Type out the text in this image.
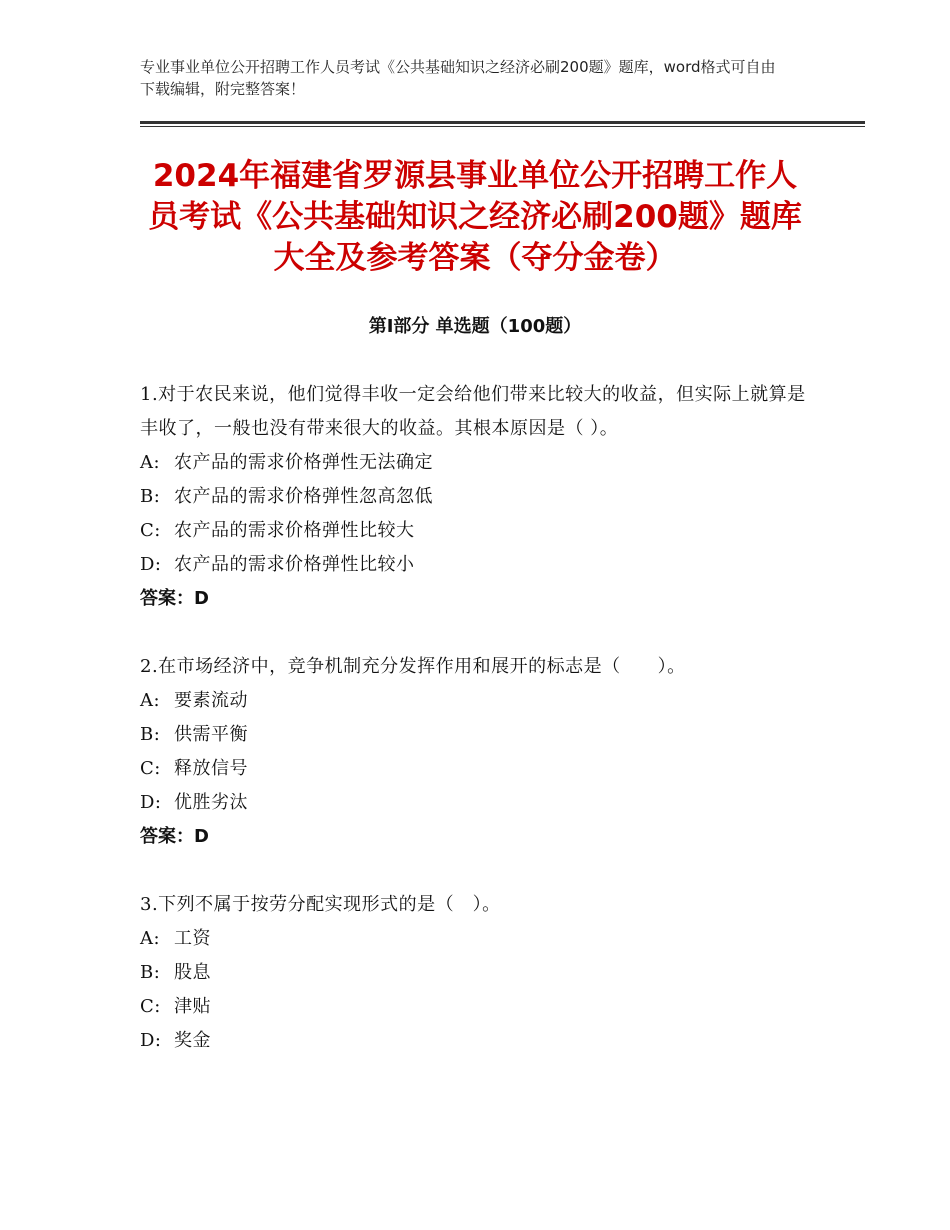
专业事业单位公开招聘工作人员考试《公共基础知识之经济必刷200题》题库，word格式可自由下载编辑，附完整答案！
2024年福建省罗源县事业单位公开招聘工作人员考试《公共基础知识之经济必刷200题》题库大全及参考答案（夺分金卷）
第Ⅰ部分 单选题（100题）
1.对于农民来说，他们觉得丰收一定会给他们带来比较大的收益，但实际上就算是丰收了，一般也没有带来很大的收益。其根本原因是（ ）。
A: 农产品的需求价格弹性无法确定
B: 农产品的需求价格弹性忽高忽低
C: 农产品的需求价格弹性比较大
D: 农产品的需求价格弹性比较小
答案：D
2.在市场经济中，竞争机制充分发挥作用和展开的标志是（　　）。
A: 要素流动
B: 供需平衡
C: 释放信号
D: 优胜劣汰
答案：D
3.下列不属于按劳分配实现形式的是（　）。
A: 工资
B: 股息
C: 津贴
D: 奖金
